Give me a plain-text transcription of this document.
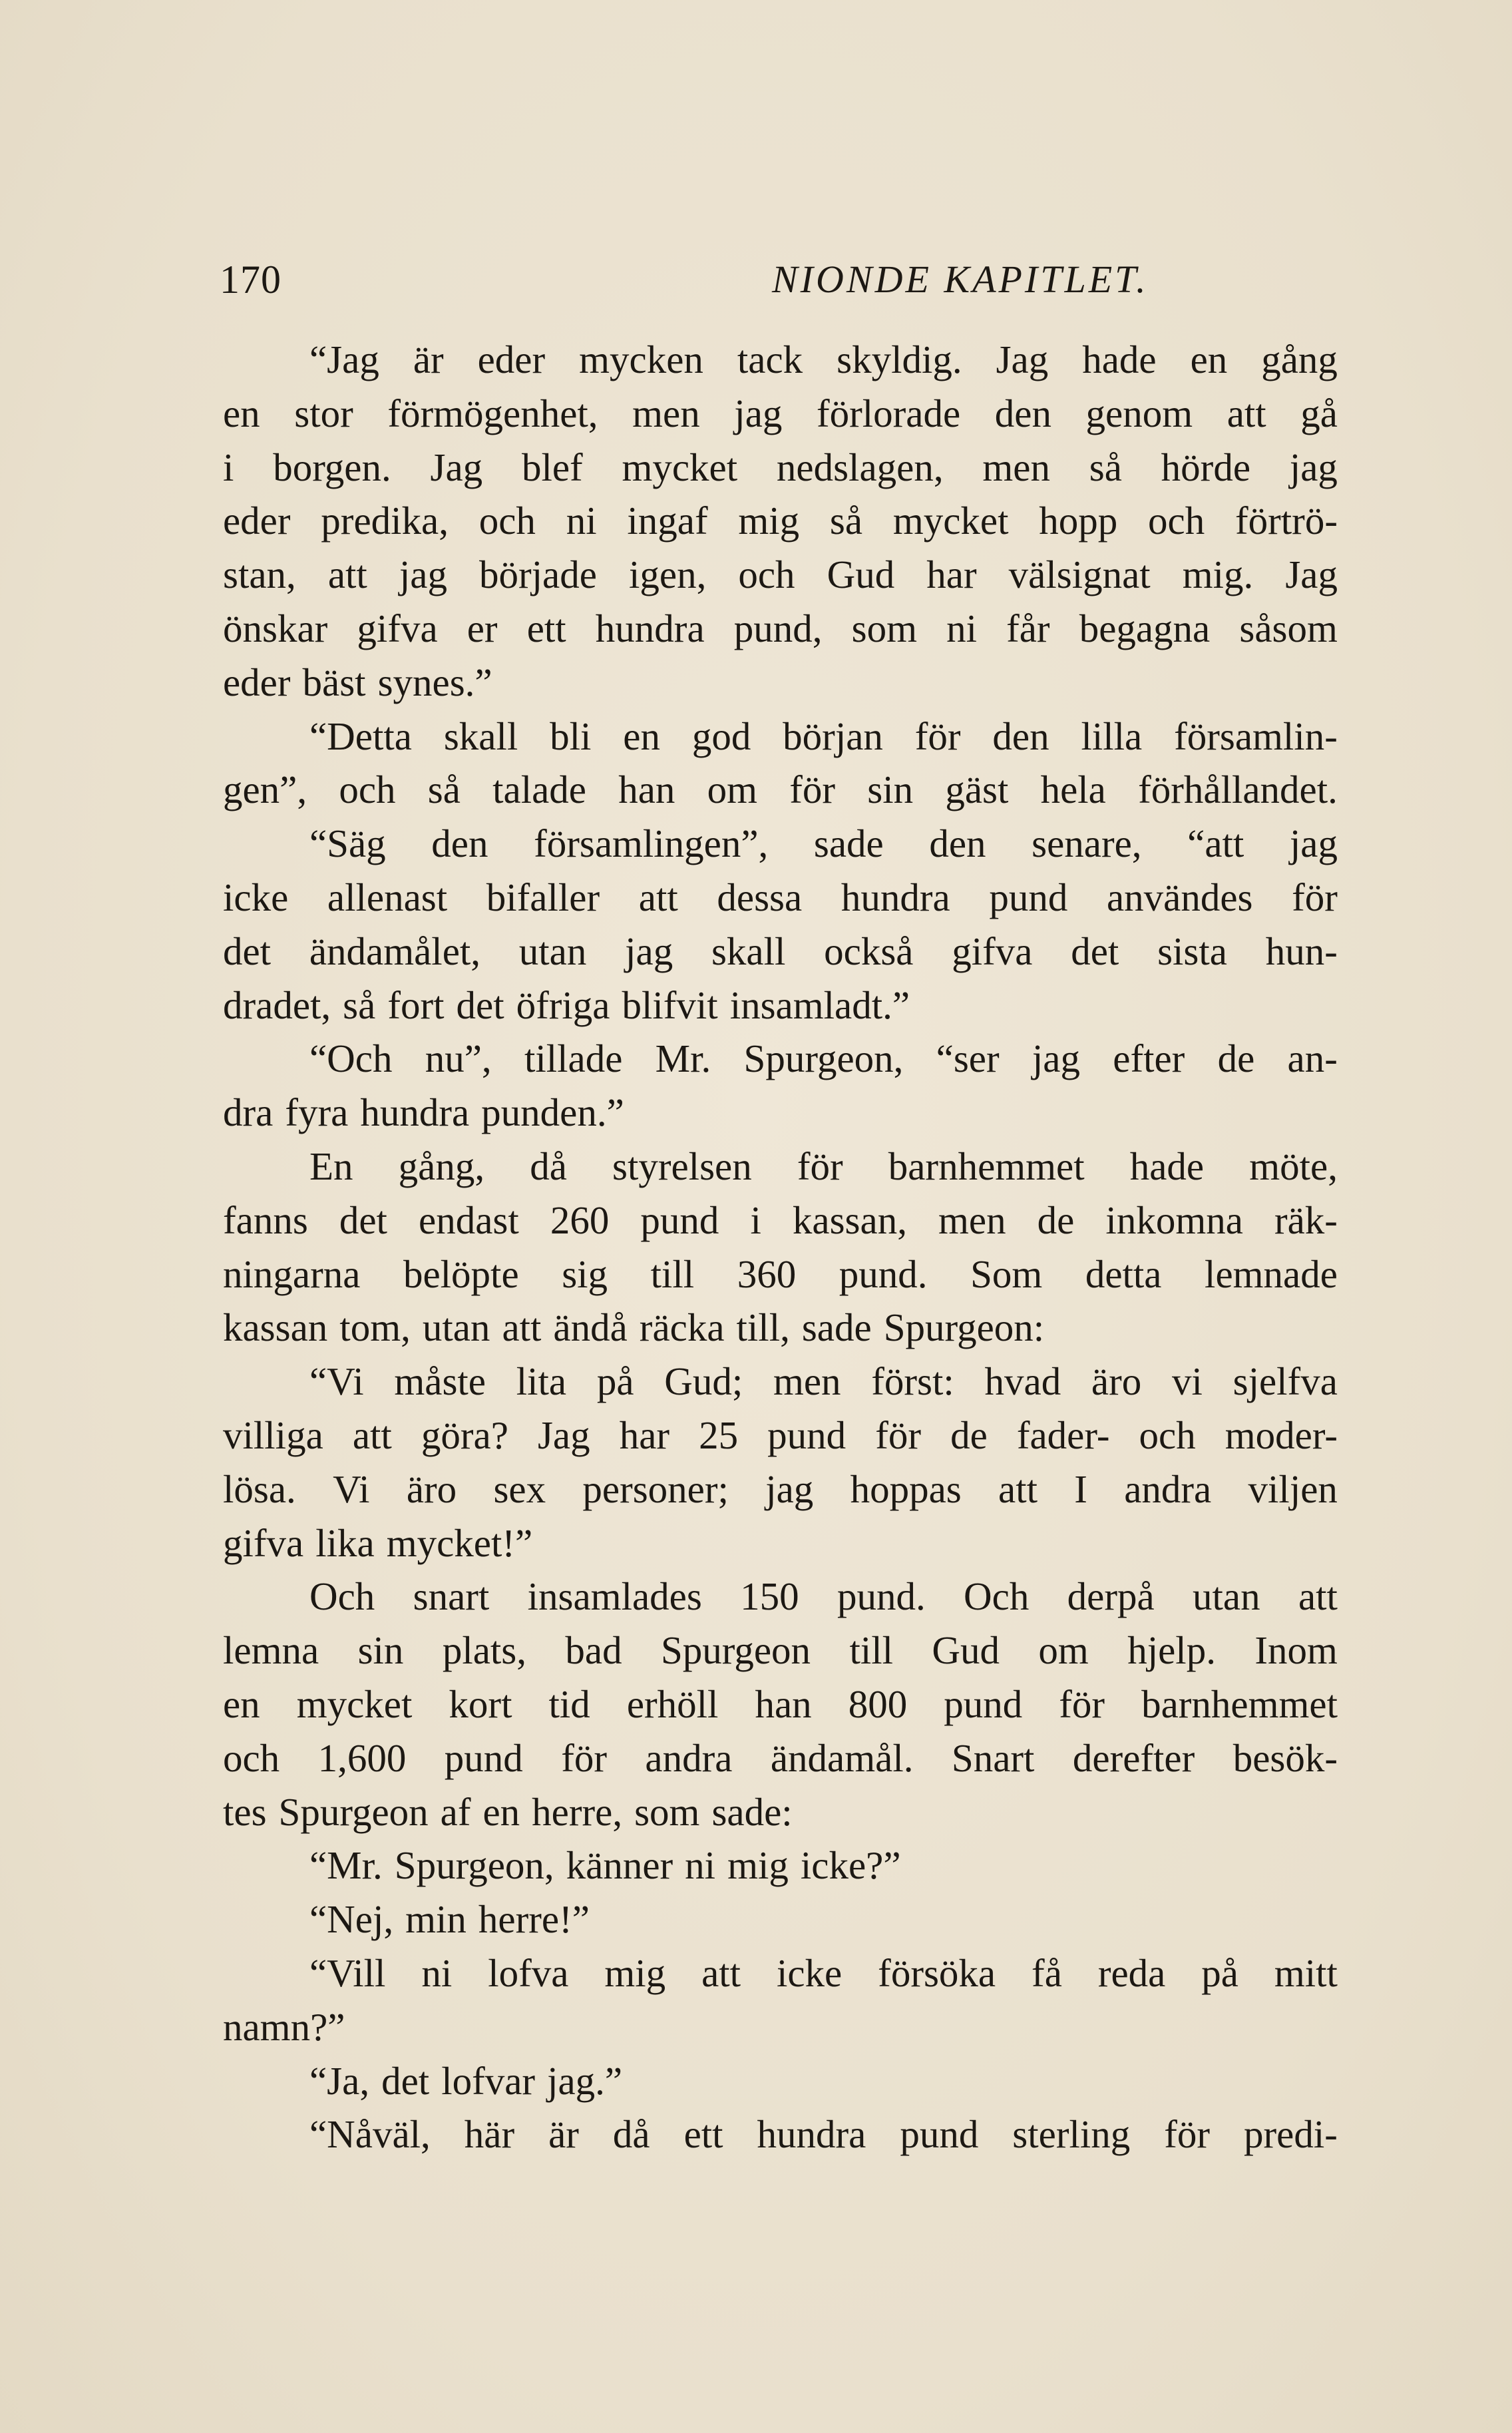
170	NIONDE KAPITLET.
“Jag är eder mycken tack skyldig. Jag hade en gång
en stor förmögenhet, men jag förlorade den genom att gå
i borgen. Jag blef mycket nedslagen, men så hörde jag
eder predika, och ni ingaf mig så mycket hopp och förtrö-
stan, att jag började igen, och Gud har välsignat mig. Jag
önskar gifva er ett hundra pund, som ni får begagna såsom
eder bäst synes.”
“Detta skall bli en god början för den lilla församlin-
gen”, och så talade han om för sin gäst hela förhållandet.
“Säg den församlingen”, sade den senare, “att jag
icke allenast bifaller att dessa hundra pund användes för
det ändamålet, utan jag skall också gifva det sista hun-
dradet, så fort det öfriga blifvit insamladt.”
“Och nu”, tillade Mr. Spurgeon, “ser jag efter de an-
dra fyra hundra punden.”
En gång, då styrelsen för barnhemmet hade möte,
fanns det endast 260 pund i kassan, men de inkomna räk-
ningarna belöpte sig till 360 pund. Som detta lemnade
kassan tom, utan att ändå räcka till, sade Spurgeon:
“Vi måste lita på Gud; men först: hvad äro vi sjelfva
villiga att göra? Jag har 25 pund för de fader- och moder-
lösa. Vi äro sex personer; jag hoppas att I andra viljen
gifva lika mycket!”
Och snart insamlades 150 pund. Och derpå utan att
lemna sin plats, bad Spurgeon till Gud om hjelp. Inom
en mycket kort tid erhöll han 800 pund för barnhemmet
och 1,600 pund för andra ändamål. Snart derefter besök-
tes Spurgeon af en herre, som sade:
“Mr. Spurgeon, känner ni mig icke?”
“Nej, min herre!”
“Vill ni lofva mig att icke försöka få reda på mitt
namn?”
“Ja, det lofvar jag.”
“Nåväl, här är då ett hundra pund sterling för predi-
